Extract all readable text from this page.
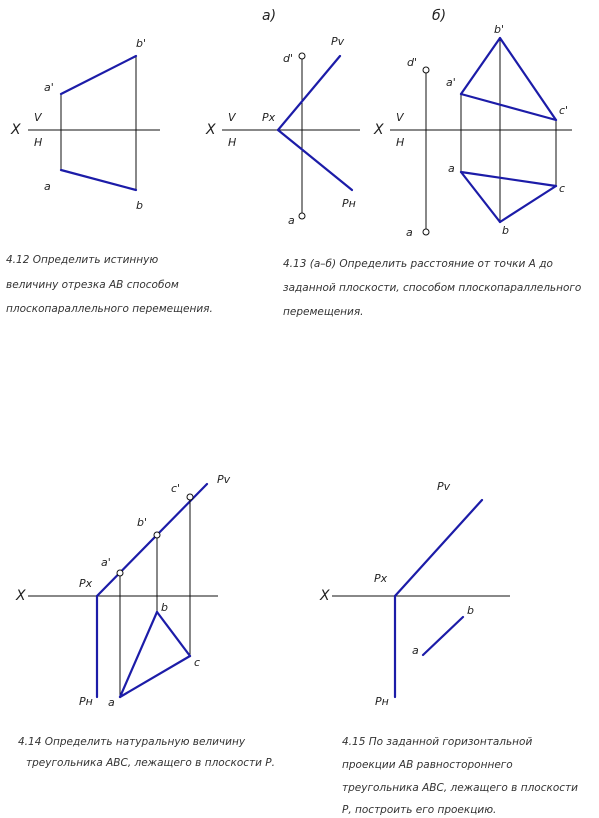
X
V
H
a'
b'
a
b
4.12 Определить истинную
величину отрезка АВ способом
плоскопараллельного перемещения.
а)
X
V
H
d'
a
Pv
Px
Pн
б)
X
V
H
d'
a'
b'
c'
a
b
c
a
4.13 (а–б) Определить расстояние от точки А до
заданной плоскости, способом плоскопараллельного
перемещения.
X
Pv
Px
Pн
c'
b'
a'
a
b
c
4.14 Определить натуральную величину
треугольника АВС, лежащего в плоскости Р.
X
Pv
Px
Pн
a
b
4.15 По заданной горизонтальной
проекции АВ равностороннего
треугольника АВС, лежащего в плоскости
Р, построить его проекцию.
